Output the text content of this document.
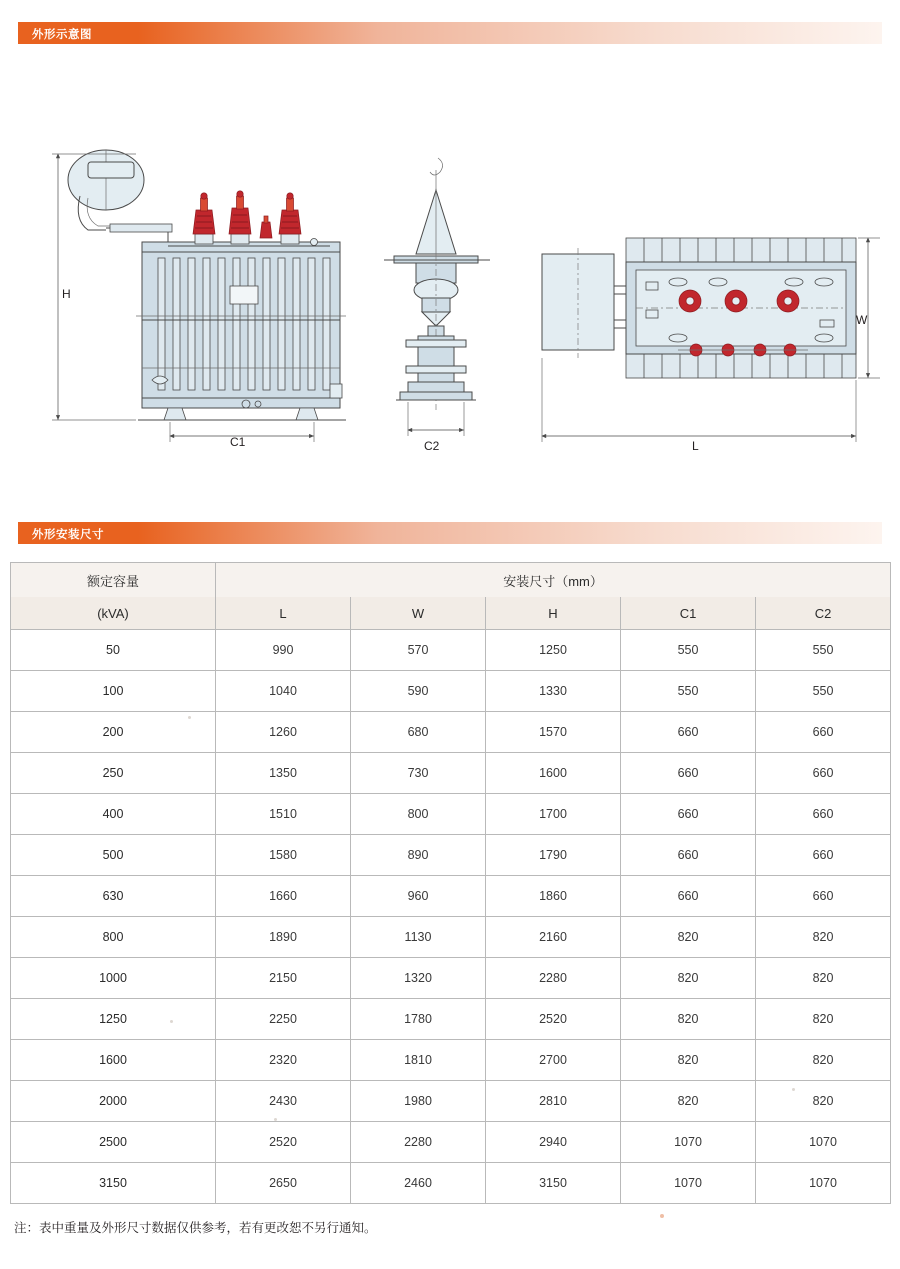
外形示意图
H
C1	C2
W
L
外形安装尺寸
额定容量	安装尺寸（mm）				
(kVA)	L	W	H	C1	C2
50	990	570	1250	550	550
100	1040	590	1330	550	550
200	1260	680	1570	660	660
250	1350	730	1600	660	660
400	1510	800	1700	660	660
500	1580	890	1790	660	660
630	1660	960	1860	660	660
800	1890	1130	2160	820	820
1000	2150	1320	2280	820	820
1250	2250	1780	2520	820	820
1600	2320	1810	2700	820	820
2000	2430	1980	2810	820	820
2500	2520	2280	2940	1070	1070
3150	2650	2460	3150	1070	1070
注：表中重量及外形尺寸数据仅供参考，若有更改恕不另行通知。
